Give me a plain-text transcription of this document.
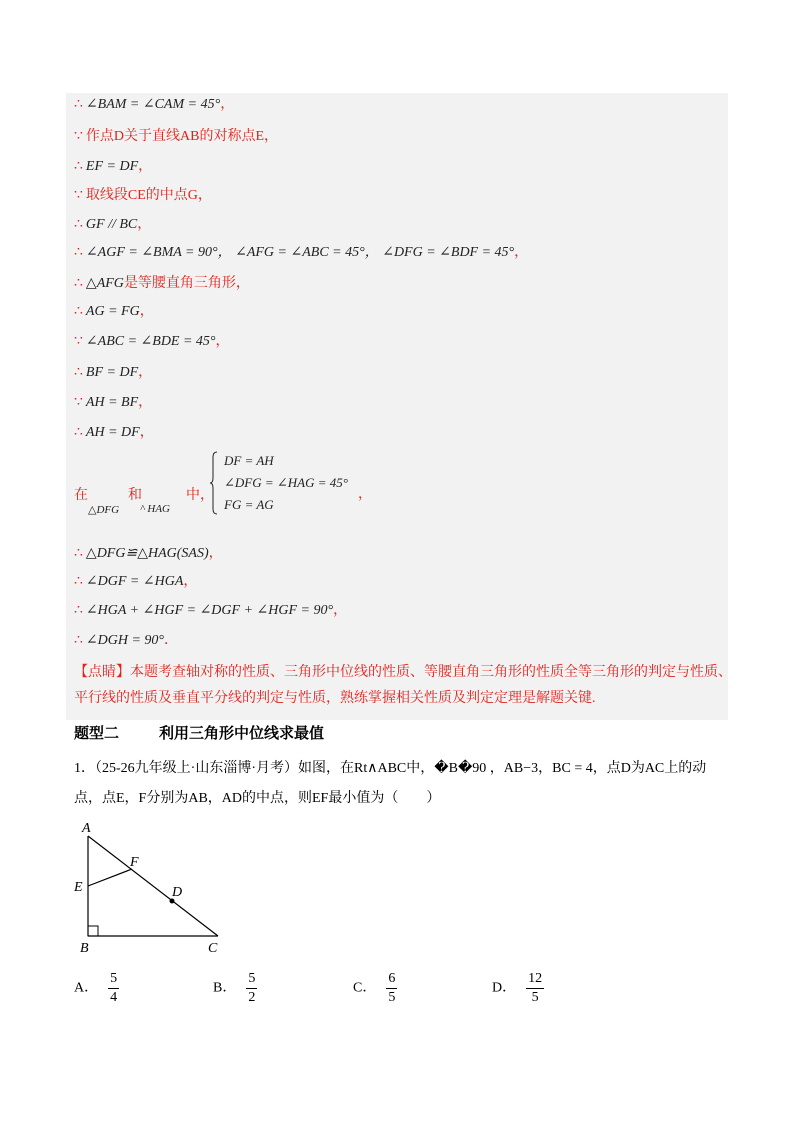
∴ ∠BAM = ∠CAM = 45°，
∵ 作点D关于直线AB的对称点E，
∴ EF = DF，
∵ 取线段CE的中点G，
∴ GF // BC，
∴ ∠AGF = ∠BMA = 90°， ∠AFG = ∠ABC = 45°， ∠DFG = ∠BDF = 45°，
∴ △AFG是等腰直角三角形，
∴ AG = FG，
∵ ∠ABC = ∠BDE = 45°，
∴ BF = DF，
∵ AH = BF，
∴ AH = DF，
在
△DFG
和
^ HAG
中，
DF = AH
∠DFG = ∠HAG = 45°
FG = AG
，
∴ △DFG≌△HAG(SAS)，
∴ ∠DGF = ∠HGA，
∴ ∠HGA + ∠HGF = ∠DGF + ∠HGF = 90°，
∴ ∠DGH = 90°．
【点睛】本题考查轴对称的性质、三角形中位线的性质、等腰直角三角形的性质全等三角形的判定与性质、平行线的性质及垂直平分线的判定与性质，熟练掌握相关性质及判定定理是解题关键.
题型二	利用三角形中位线求最值
1．（25-26九年级上·山东淄博·月考）如图，在Rt∧ABC中，�B�90 ，AB−3，BC = 4，点D为AC上的动点，点E，F分别为AB，AD的中点，则EF最小值为（　　）
A
E
F
D
B	C
A． $\frac{5}{4}$	B． $\frac{5}{2}$	C． $\frac{6}{5}$	D． $\frac{12}{5}$
